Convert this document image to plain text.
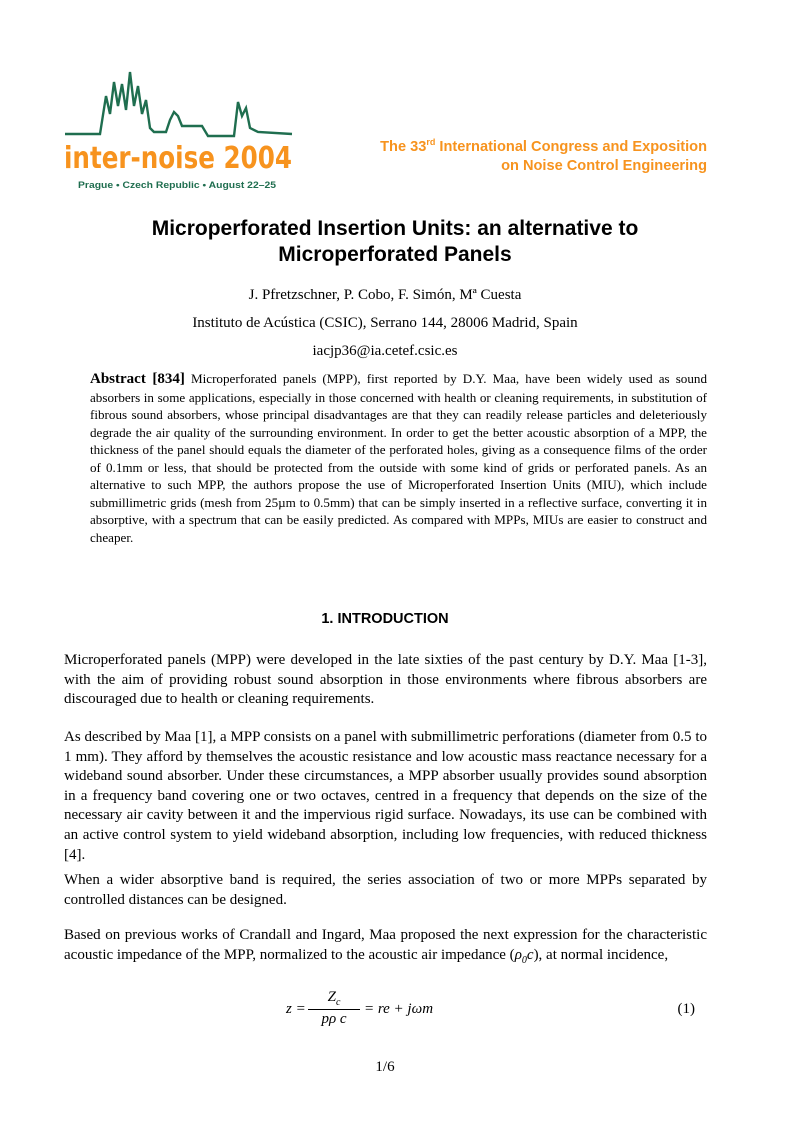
inter-noise 2004
Prague • Czech Republic • August 22–25
The 33rd International Congress and Exposition
on Noise Control Engineering
Microperforated Insertion Units: an alternative to
Microperforated Panels
J. Pfretzschner, P. Cobo, F. Simón, Mª Cuesta
Instituto de Acústica (CSIC), Serrano 144, 28006 Madrid, Spain
iacjp36@ia.cetef.csic.es
Abstract [834] Microperforated panels (MPP), first reported by D.Y. Maa, have been widely used as sound absorbers in some applications, especially in those concerned with health or cleaning requirements, in substitution of fibrous sound absorbers, whose principal disadvantages are that they can readily release particles and deleteriously degrade the air quality of the surrounding environment. In order to get the better acoustic absorption of a MPP, the thickness of the panel should equals the diameter of the perforated holes, giving as a consequence films of the order of 0.1mm or less, that should be protected from the outside with some kind of grids or perforated panels. As an alternative to such MPP, the authors propose the use of Microperforated Insertion Units (MIU), which include submillimetric grids (mesh from 25µm to 0.5mm) that can be simply inserted in a reflective surface, converting it in absorptive, with a spectrum that can be easily predicted. As compared with MPPs, MIUs are easier to construct and cheaper.
1. INTRODUCTION

Microperforated panels (MPP) were developed in the late sixties of the past century by D.Y. Maa [1-3], with the aim of providing robust sound absorption in those environments where fibrous absorbers are discouraged due to health or cleaning requirements.

As described by Maa [1], a MPP consists on a panel with submillimetric perforations (diameter from 0.5 to 1 mm). They afford by themselves the acoustic resistance and low acoustic mass reactance necessary for a wideband sound absorber. Under these circumstances, a MPP absorber usually provides sound absorption in a frequency band covering one or two octaves, centred in a frequency that depends on the size of the necessary air cavity between it and the impervious rigid surface. Nowadays, its use can be combined with an active control system to yield wideband absorption, including low frequencies, with reduced thickness [4].

When a wider absorptive band is required, the series association of two or more MPPs separated by controlled distances can be designed.

Based on previous works of Crandall and Ingard, Maa proposed the next expression for the characteristic acoustic impedance of the MPP, normalized to the acoustic air impedance $(\rho_0c)$, at normal incidence,

z =
$Z_c$
pρ c
= re + jωm	(1)
1/6
